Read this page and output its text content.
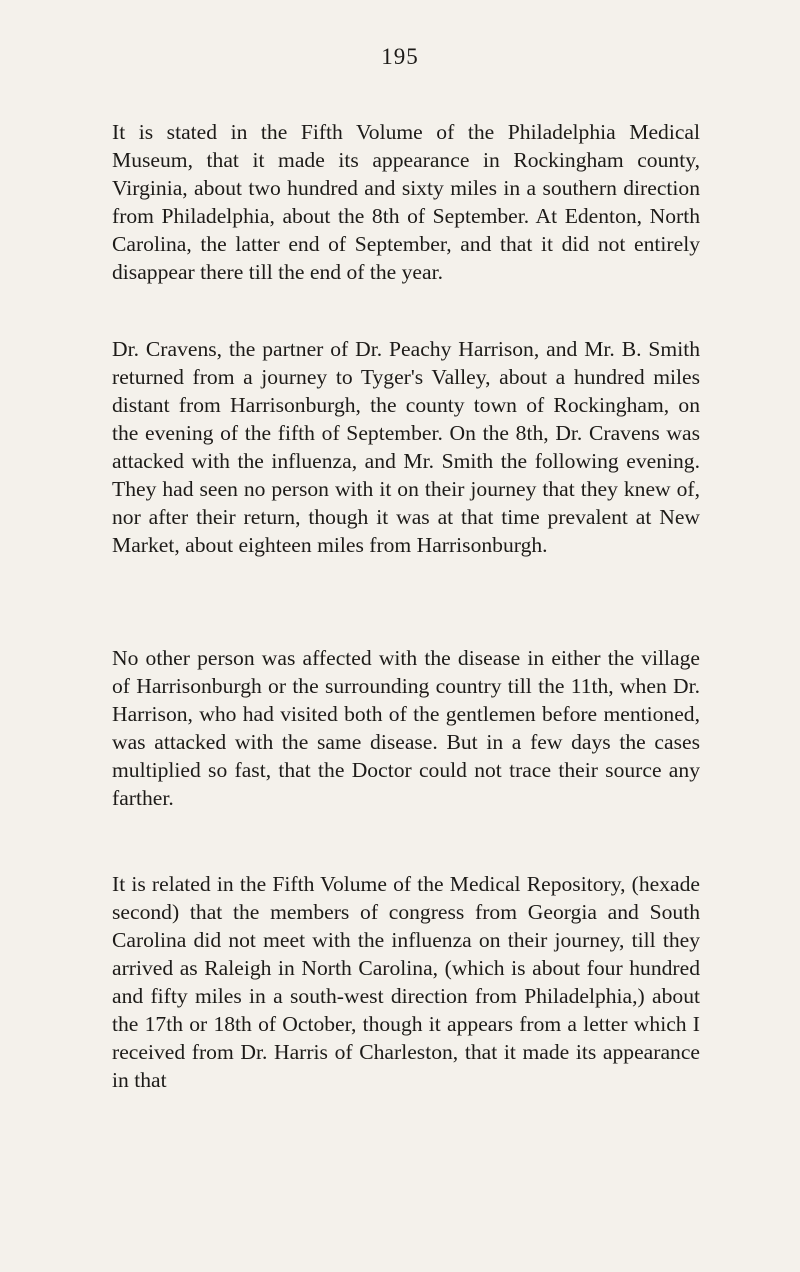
195

It is stated in the Fifth Volume of the Philadelphia Medical Museum, that it made its appearance in Rockingham county, Virginia, about two hundred and sixty miles in a southern direction from Philadelphia, about the 8th of September. At Edenton, North Carolina, the latter end of September, and that it did not entirely disappear there till the end of the year.

Dr. Cravens, the partner of Dr. Peachy Harrison, and Mr. B. Smith returned from a journey to Tyger's Valley, about a hundred miles distant from Harrisonburgh, the county town of Rockingham, on the evening of the fifth of September. On the 8th, Dr. Cravens was attacked with the influenza, and Mr. Smith the following evening. They had seen no person with it on their journey that they knew of, nor after their return, though it was at that time prevalent at New Market, about eighteen miles from Harrisonburgh.

No other person was affected with the disease in either the village of Harrisonburgh or the surrounding country till the 11th, when Dr. Harrison, who had visited both of the gentlemen before mentioned, was attacked with the same disease. But in a few days the cases multiplied so fast, that the Doctor could not trace their source any farther.

It is related in the Fifth Volume of the Medical Repository, (hexade second) that the members of congress from Georgia and South Carolina did not meet with the influenza on their journey, till they arrived as Raleigh in North Carolina, (which is about four hundred and fifty miles in a south-west direction from Philadelphia,) about the 17th or 18th of October, though it appears from a letter which I received from Dr. Harris of Charleston, that it made its appearance in that
